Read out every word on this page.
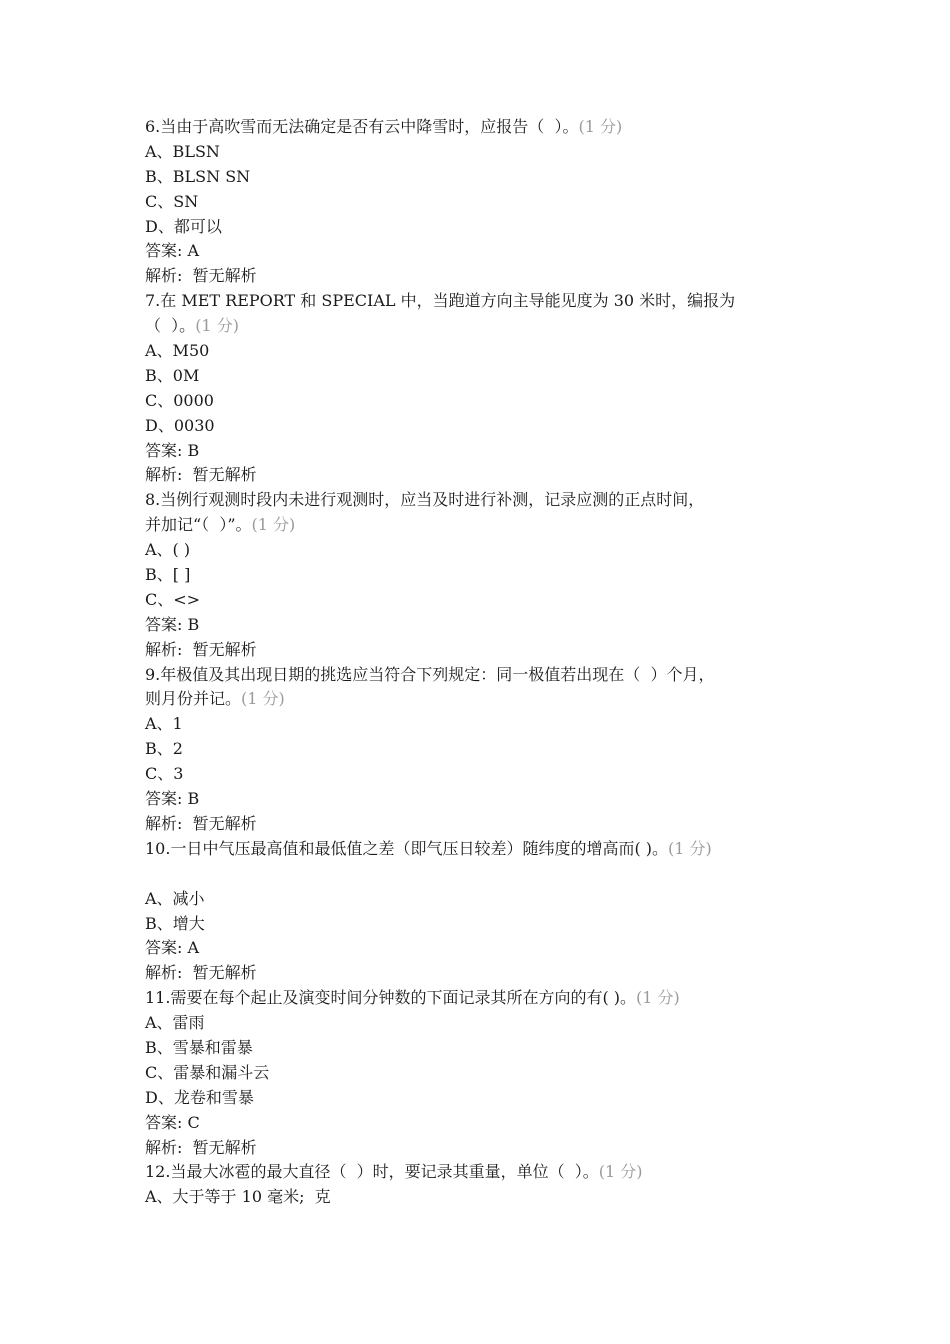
6.当由于高吹雪而无法确定是否有云中降雪时，应报告（  ）。(1 分)
A、BLSN
B、BLSN SN
C、SN
D、都可以
答案: A
解析:  暂无解析
7.在 MET REPORT 和 SPECIAL 中，当跑道方向主导能见度为 30 米时，编报为
（  ）。(1 分)
A、M50
B、0M
C、0000
D、0030
答案: B
解析:  暂无解析
8.当例行观测时段内未进行观测时，应当及时进行补测，记录应测的正点时间，
并加记“（  ）”。(1 分)
A、( )
B、[ ]
C、<>
答案: B
解析:  暂无解析
9.年极值及其出现日期的挑选应当符合下列规定：同一极值若出现在（  ）个月，
则月份并记。(1 分)
A、1
B、2
C、3
答案: B
解析:  暂无解析
10.一日中气压最高值和最低值之差（即气压日较差）随纬度的增高而( )。(1 分)
A、减小
B、增大
答案: A
解析:  暂无解析
11.需要在每个起止及演变时间分钟数的下面记录其所在方向的有( )。(1 分)
A、雷雨
B、雪暴和雷暴
C、雷暴和漏斗云
D、龙卷和雪暴
答案: C
解析:  暂无解析
12.当最大冰雹的最大直径（  ）时，要记录其重量，单位（  ）。(1 分)
A、大于等于 10 毫米;  克
